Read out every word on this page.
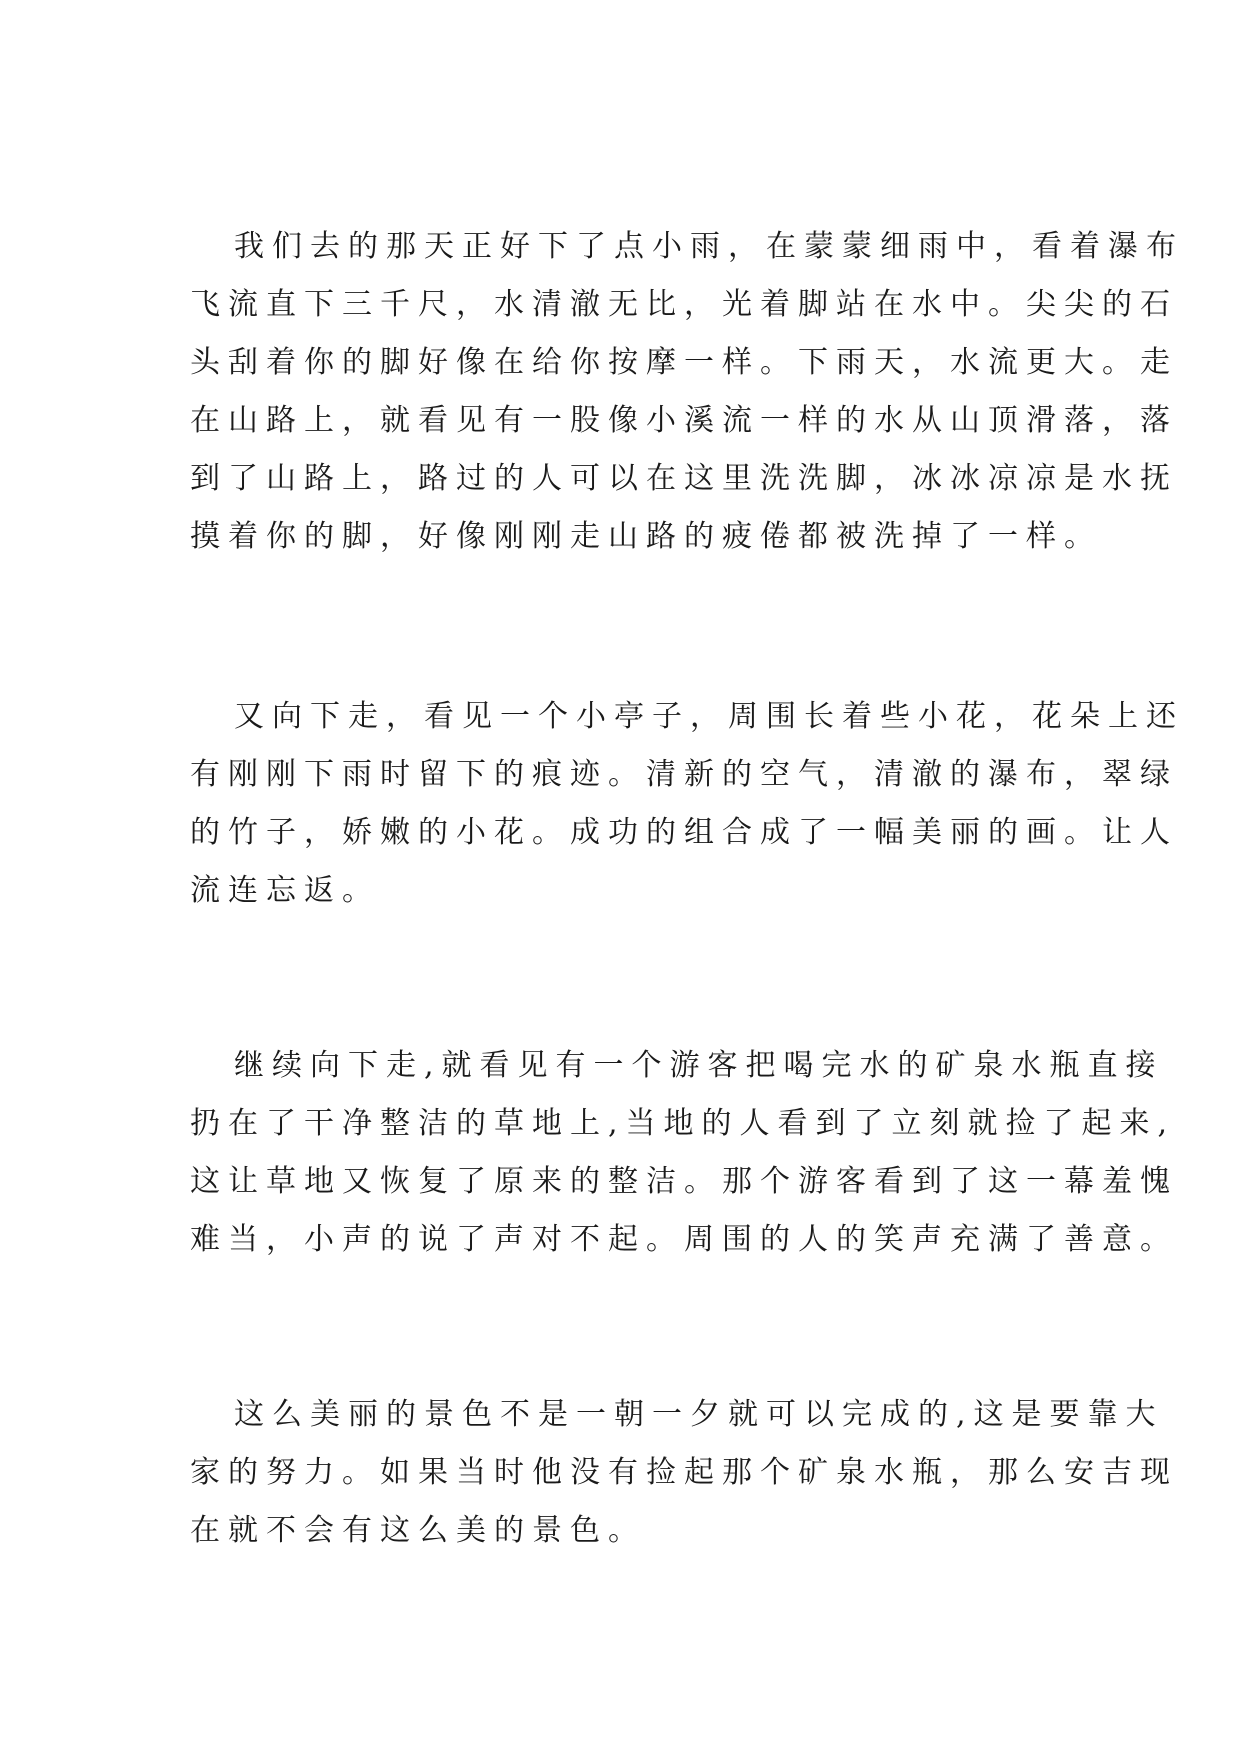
我们去的那天正好下了点小雨，在蒙蒙细雨中，看着瀑布
飞流直下三千尺，水清澈无比，光着脚站在水中。尖尖的石
头刮着你的脚好像在给你按摩一样。下雨天，水流更大。走
在山路上，就看见有一股像小溪流一样的水从山顶滑落，落
到了山路上，路过的人可以在这里洗洗脚，冰冰凉凉是水抚
摸着你的脚，好像刚刚走山路的疲倦都被洗掉了一样。

又向下走，看见一个小亭子，周围长着些小花，花朵上还
有刚刚下雨时留下的痕迹。清新的空气，清澈的瀑布，翠绿
的竹子，娇嫩的小花。成功的组合成了一幅美丽的画。让人
流连忘返。

继续向下走,就看见有一个游客把喝完水的矿泉水瓶直接
扔在了干净整洁的草地上,当地的人看到了立刻就捡了起来,
这让草地又恢复了原来的整洁。那个游客看到了这一幕羞愧
难当，小声的说了声对不起。周围的人的笑声充满了善意。

这么美丽的景色不是一朝一夕就可以完成的,这是要靠大
家的努力。如果当时他没有捡起那个矿泉水瓶，那么安吉现
在就不会有这么美的景色。
